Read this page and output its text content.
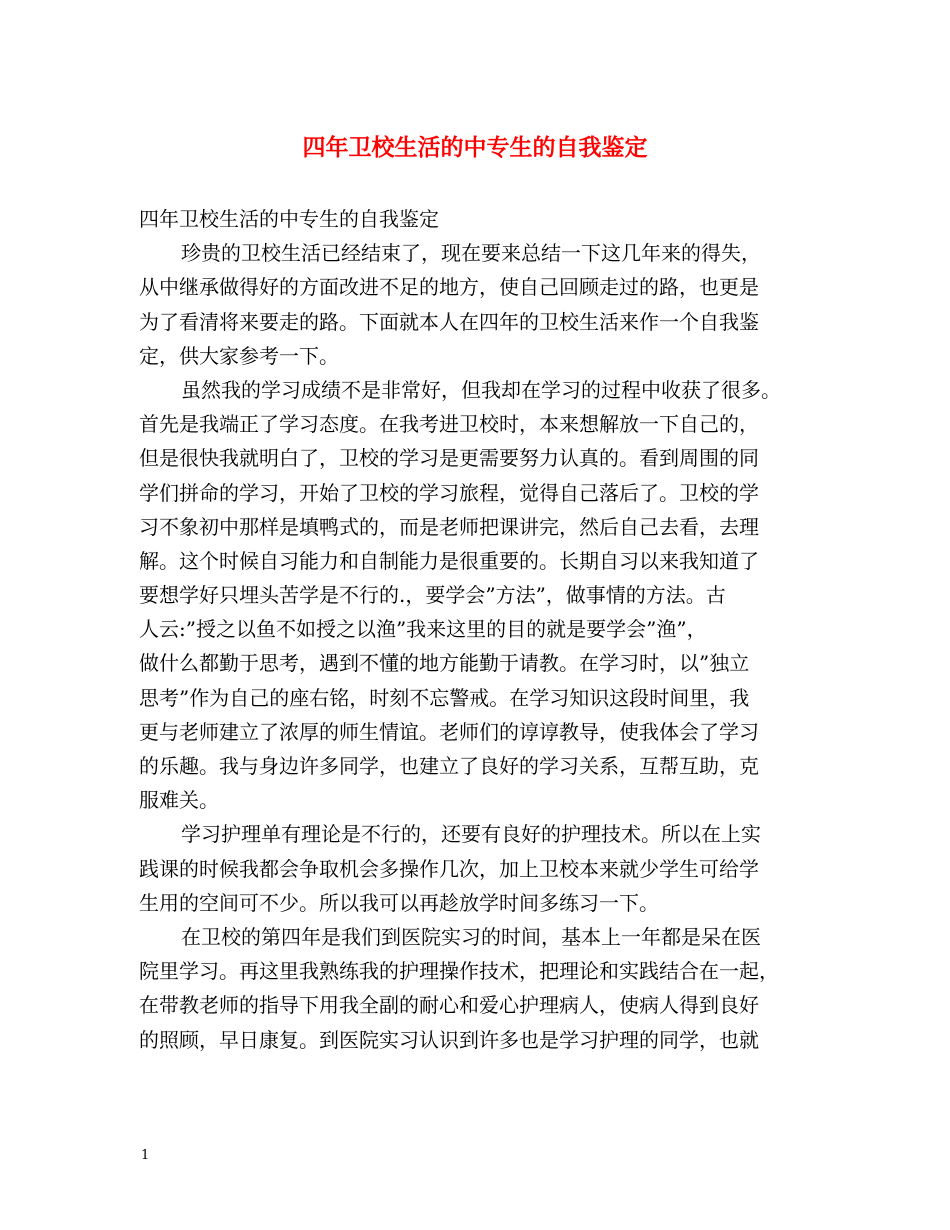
四年卫校生活的中专生的自我鉴定
四年卫校生活的中专生的自我鉴定
珍贵的卫校生活已经结束了，现在要来总结一下这几年来的得失，
从中继承做得好的方面改进不足的地方，使自己回顾走过的路，也更是
为了看清将来要走的路。下面就本人在四年的卫校生活来作一个自我鉴
定，供大家参考一下。
虽然我的学习成绩不是非常好，但我却在学习的过程中收获了很多。
首先是我端正了学习态度。在我考进卫校时，本来想解放一下自己的，
但是很快我就明白了，卫校的学习是更需要努力认真的。看到周围的同
学们拼命的学习，开始了卫校的学习旅程，觉得自己落后了。卫校的学
习不象初中那样是填鸭式的，而是老师把课讲完，然后自己去看，去理
解。这个时候自习能力和自制能力是很重要的。长期自习以来我知道了
要想学好只埋头苦学是不行的.，要学会”方法”，做事情的方法。古
人云:”授之以鱼不如授之以渔”我来这里的目的就是要学会”渔”，
做什么都勤于思考，遇到不懂的地方能勤于请教。在学习时，以”独立
思考”作为自己的座右铭，时刻不忘警戒。在学习知识这段时间里，我
更与老师建立了浓厚的师生情谊。老师们的谆谆教导，使我体会了学习
的乐趣。我与身边许多同学，也建立了良好的学习关系，互帮互助，克
服难关。
学习护理单有理论是不行的，还要有良好的护理技术。所以在上实
践课的时候我都会争取机会多操作几次，加上卫校本来就少学生可给学
生用的空间可不少。所以我可以再趁放学时间多练习一下。
在卫校的第四年是我们到医院实习的时间，基本上一年都是呆在医
院里学习。再这里我熟练我的护理操作技术，把理论和实践结合在一起，
在带教老师的指导下用我全副的耐心和爱心护理病人，使病人得到良好
的照顾，早日康复。到医院实习认识到许多也是学习护理的同学，也就
1
